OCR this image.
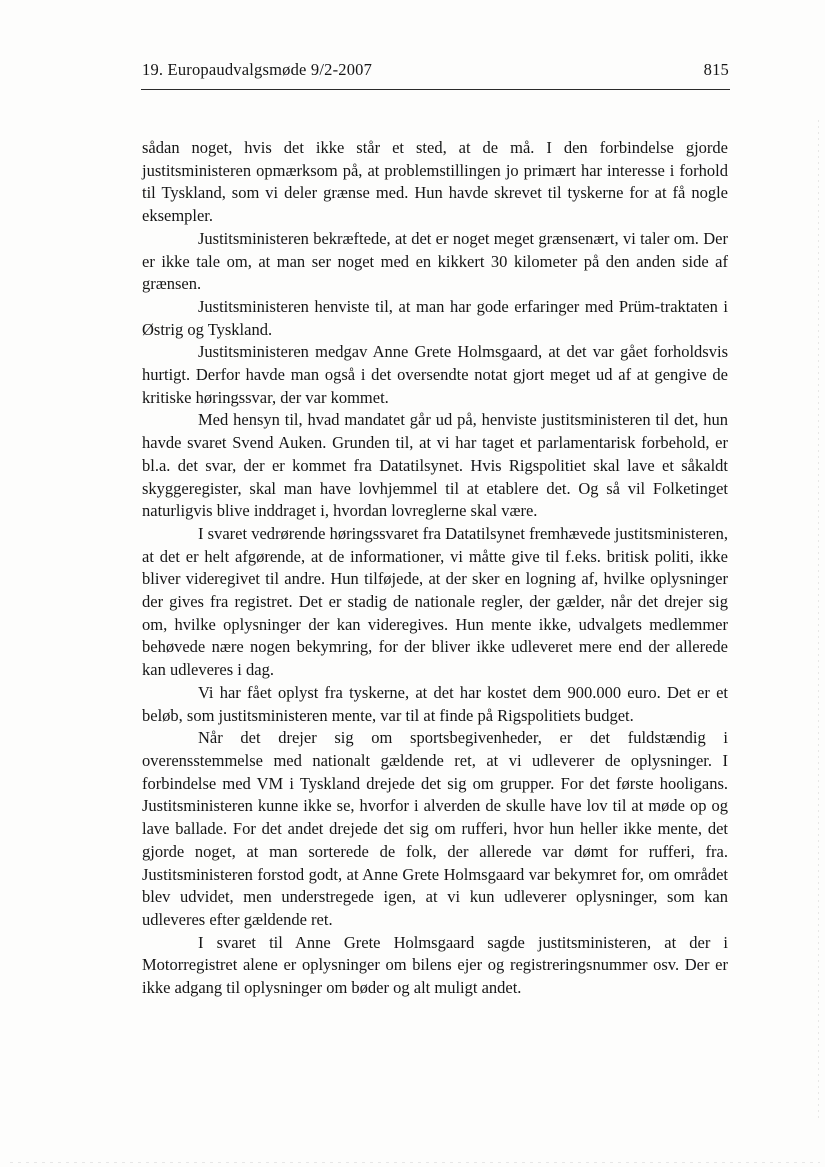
19. Europaudvalgsmøde 9/2-2007	815

sådan noget, hvis det ikke står et sted, at de må. I den forbindelse gjorde justitsministeren opmærksom på, at problemstillingen jo primært har interesse i forhold til Tyskland, som vi deler grænse med. Hun havde skrevet til tyskerne for at få nogle eksempler.

Justitsministeren bekræftede, at det er noget meget grænsenært, vi taler om. Der er ikke tale om, at man ser noget med en kikkert 30 kilometer på den anden side af grænsen.

Justitsministeren henviste til, at man har gode erfaringer med Prüm-traktaten i Østrig og Tyskland.

Justitsministeren medgav Anne Grete Holmsgaard, at det var gået forholdsvis hurtigt. Derfor havde man også i det oversendte notat gjort meget ud af at gengive de kritiske høringssvar, der var kommet.

Med hensyn til, hvad mandatet går ud på, henviste justitsministeren til det, hun havde svaret Svend Auken. Grunden til, at vi har taget et parlamentarisk forbehold, er bl.a. det svar, der er kommet fra Datatilsynet. Hvis Rigspolitiet skal lave et såkaldt skyggeregister, skal man have lovhjemmel til at etablere det. Og så vil Folketinget naturligvis blive inddraget i, hvordan lovreglerne skal være.

I svaret vedrørende høringssvaret fra Datatilsynet fremhævede justitsministeren, at det er helt afgørende, at de informationer, vi måtte give til f.eks. britisk politi, ikke bliver videregivet til andre. Hun tilføjede, at der sker en logning af, hvilke oplysninger der gives fra registret. Det er stadig de nationale regler, der gælder, når det drejer sig om, hvilke oplysninger der kan videregives. Hun mente ikke, udvalgets medlemmer behøvede nære nogen bekymring, for der bliver ikke udleveret mere end der allerede kan udleveres i dag.

Vi har fået oplyst fra tyskerne, at det har kostet dem 900.000 euro. Det er et beløb, som justitsministeren mente, var til at finde på Rigspolitiets budget.

Når det drejer sig om sportsbegivenheder, er det fuldstændig i overensstemmelse med nationalt gældende ret, at vi udleverer de oplysninger. I forbindelse med VM i Tyskland drejede det sig om grupper. For det første hooligans. Justitsministeren kunne ikke se, hvorfor i alverden de skulle have lov til at møde op og lave ballade. For det andet drejede det sig om rufferi, hvor hun heller ikke mente, det gjorde noget, at man sorterede de folk, der allerede var dømt for rufferi, fra. Justitsministeren forstod godt, at Anne Grete Holmsgaard var bekymret for, om området blev udvidet, men understregede igen, at vi kun udleverer oplysninger, som kan udleveres efter gældende ret.

I svaret til Anne Grete Holmsgaard sagde justitsministeren, at der i Motorregistret alene er oplysninger om bilens ejer og registreringsnummer osv. Der er ikke adgang til oplysninger om bøder og alt muligt andet.
